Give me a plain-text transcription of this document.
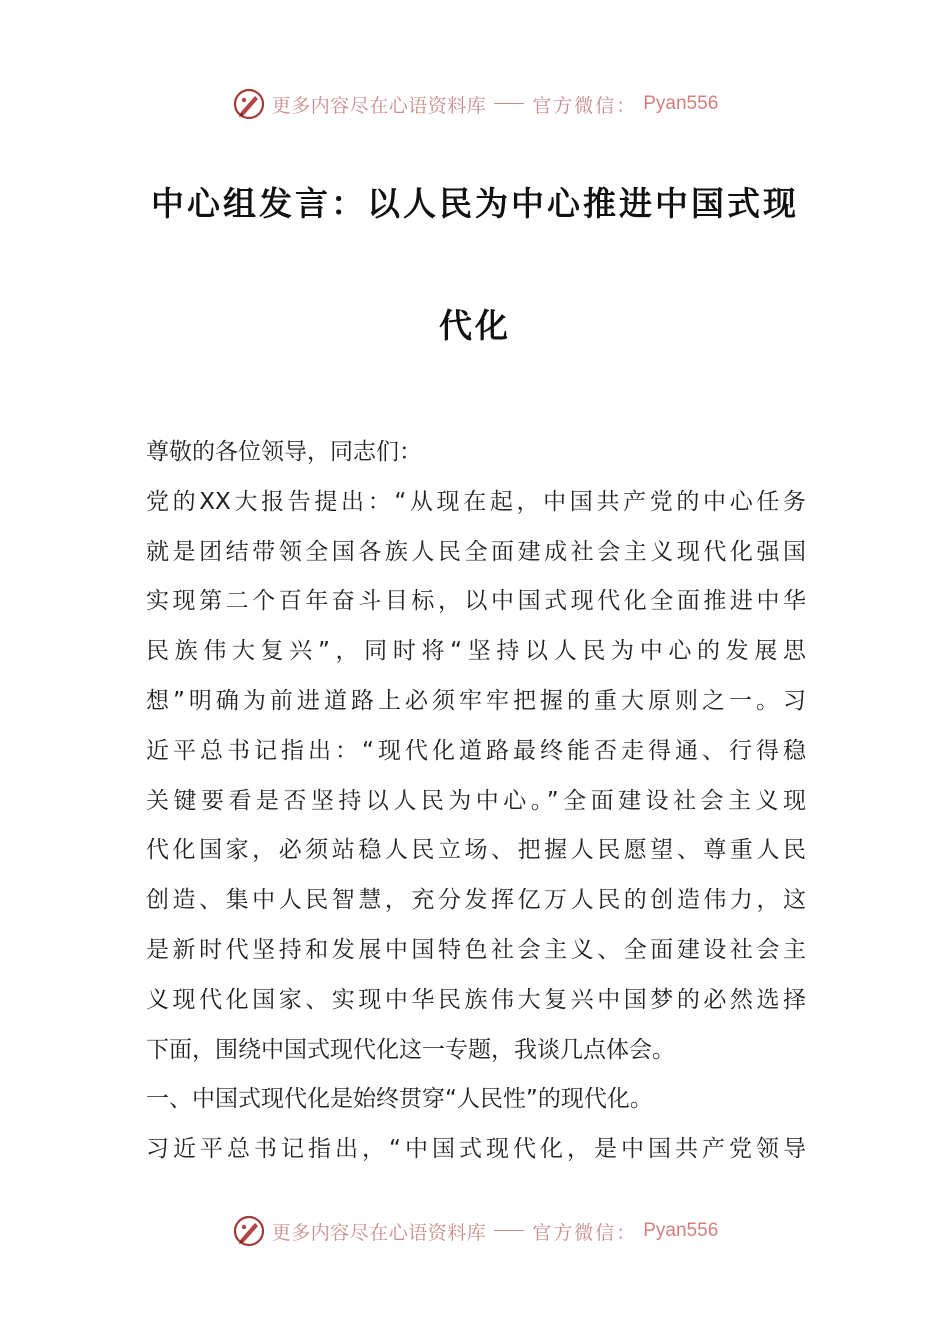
更多内容尽在心语资料库 官方微信： Pyan556
中心组发言：以人民为中心推进中国式现
代化
尊敬的各位领导，同志们：
党的XX大报告提出：“从现在起，中国共产党的中心任务
就是团结带领全国各族人民全面建成社会主义现代化强国
实现第二个百年奋斗目标，以中国式现代化全面推进中华
民族伟大复兴”，同时将“坚持以人民为中心的发展思
想”明确为前进道路上必须牢牢把握的重大原则之一。习
近平总书记指出：“现代化道路最终能否走得通、行得稳
关键要看是否坚持以人民为中心。”全面建设社会主义现
代化国家，必须站稳人民立场、把握人民愿望、尊重人民
创造、集中人民智慧，充分发挥亿万人民的创造伟力，这
是新时代坚持和发展中国特色社会主义、全面建设社会主
义现代化国家、实现中华民族伟大复兴中国梦的必然选择
下面，围绕中国式现代化这一专题，我谈几点体会。
一、中国式现代化是始终贯穿“人民性”的现代化。
习近平总书记指出，“中国式现代化，是中国共产党领导
更多内容尽在心语资料库 官方微信： Pyan556
